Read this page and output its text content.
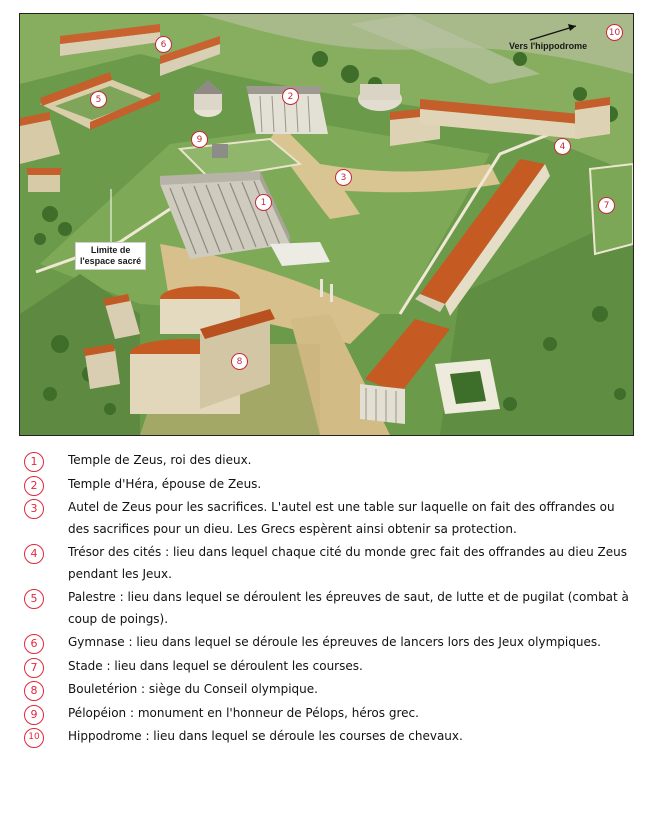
1
2
3
4
5
6
7
8
9
10
Vers l'hippodrome
Limite de
l'espace sacré
1	Temple de Zeus, roi des dieux.
2	Temple d'Héra, épouse de Zeus.
3	Autel de Zeus pour les sacrifices. L'autel est une table sur laquelle on fait des offrandes ou des sacrifices pour un dieu. Les Grecs espèrent ainsi obtenir sa protection.
4	Trésor des cités : lieu dans lequel chaque cité du monde grec fait des offrandes au dieu Zeus pendant les Jeux.
5	Palestre : lieu dans lequel se déroulent les épreuves de saut, de lutte et de pugilat (combat à coup de poings).
6	Gymnase : lieu dans lequel se déroule les épreuves de lancers lors des Jeux olympiques.
7	Stade : lieu dans lequel se déroulent les courses.
8	Bouletérion : siège du Conseil olympique.
9	Pélopéion : monument en l'honneur de Pélops, héros grec.
10	Hippodrome : lieu dans lequel se déroule les courses de chevaux.
